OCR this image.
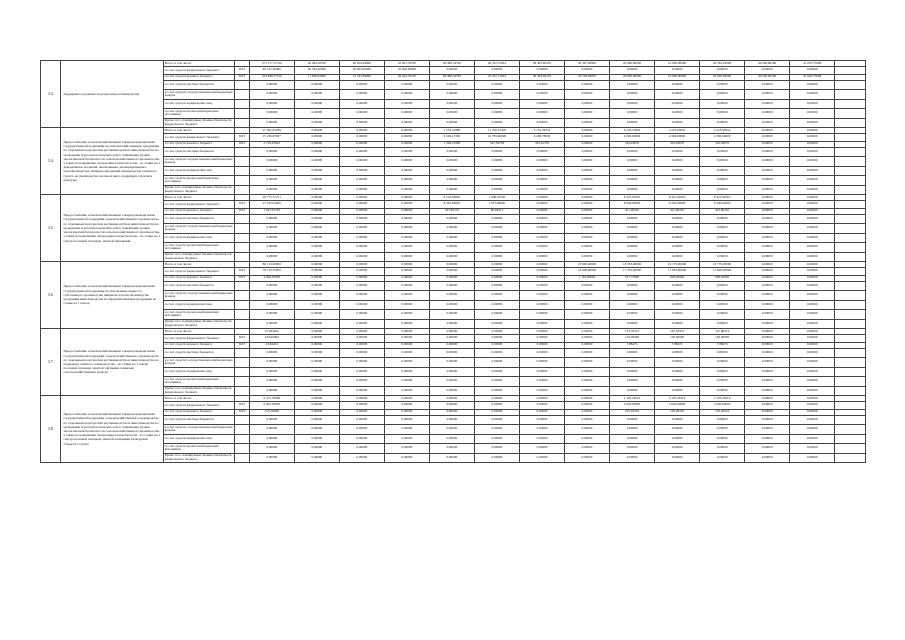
3.3.	Поддержка отдельных подотраслей растениеводства	Всего, в том числе:		371 377,17720	20 484,58700	40 816,49000	42 601,79700	28 386,34796	26 352,73901	28 463,60479	32 397,00820	20 000,00000	10 000,00000	20 562,20000	40 020,80160	41 670,75908	
		за счет средств федерального бюджета	БЛТ	85 512,20000	20 784,40000	30 834,00000	25 096,00000	0,00000	0,00000	0,00000	0,00000	0,00000	0,00000	0,00000	0,00000	0,00000	
		за счет средств краевого бюджета	БЛТ	254 488,77720	11 500,93000	13 335,86900	29 443,76100	28 386,34796	25 472,71901	30 463,60479	20 749,00870	20 000,00000	10 000,00000	20 000,00000	40 020,80160	41 620,75908	
		за счет средств местных бюджетов		0,00000	0,00000	0,00000	0,00000	0,00000	0,00000	0,00000	0,00000	0,00000	0,00000	0,00000	0,00000	0,00000	
		за счет средств государственных внебюджетных фондов		0,00000	0,00000	0,00000	0,00000	0,00000	0,00000	0,00000	0,00000	0,00000	0,00000	0,00000	0,00000	0,00000	
		за счет средств юридических лиц		0,00000	0,00000	0,00000	0,00000	0,00000	0,00000	0,00000	0,00000	0,00000	0,00000	0,00000	0,00000	0,00000	
		за счет средств прочих внебюджетных источников		0,00000	0,00000	0,00000	0,00000	0,00000	0,00000	0,00000	0,00000	0,00000	0,00000	0,00000	0,00000	0,00000	
		Кроме того, планируемые объемы обязательств федерального бюджета		0,00000	0,00000	0,00000	0,00000	0,00000	0,00000	0,00000	0,00000	0,00000	0,00000	0,00000	0,00000	0,00000	
3.4.	Предоставление сельскохозяйственным товаропроизводителям государственной поддержки на сельскохозяйственную продукцию по отдельным подотраслям растениеводства и животноводства на проведение агротехнологических работ, повышение уровня экологической безопасности сельскохозяйственного производства, а также на повышение плодородия и качества почв - по ставке на 1 декоративное посевной, апельсинные, мелиорированных, картофелеводства, минералопродукций овощеводства открытого грунта, на производство молока и мяса, поддержку отрасли и культуры	Всего, в том числе:		27 965,65789	0,00000	0,00000	0,00000	7 518,31890	11 350,61358	6 752,39379	0,00000	4 250,25662	4 216,93652	4 216,93652	0,00000	0,00000	
		за счет средств федерального бюджета	БЛТ	25 236,67907	0,00000	0,00000	0,00000	6 109,15383	10 783,06600	6 298,78000	0,00000	4 000,00000	4 300,00000	4 300,00000	0,00000	0,00000	
		за счет средств краевого бюджета	БЛТ	2 729,05822	0,00000	0,00000	0,00000	1 309,16380	567,54758	355,61379	0,00000	316,93670	316,93670	316,93670	0,00000	0,00000	
		за счет средств местных бюджетов		0,00000	0,00000	0,00000	0,00000	0,00000	0,00000	0,00000	0,00000	0,00000	0,00000	0,00000	0,00000	0,00000	
		за счет средств государственных внебюджетных фондов		0,00000	0,00000	0,00000	0,00000	0,00000	0,00000	0,00000	0,00000	0,00000	0,00000	0,00000	0,00000	0,00000	
		за счет средств юридических лиц		0,00000	0,00000	0,00000	0,00000	0,00000	0,00000	0,00000	0,00000	0,00000	0,00000	0,00000	0,00000	0,00000	
		за счет средств прочих внебюджетных источников		0,00000	0,00000	0,00000	0,00000	0,00000	0,00000	0,00000	0,00000	0,00000	0,00000	0,00000	0,00000	0,00000	
		Кроме того, планируемые объемы обязательств федерального бюджета		0,00000	0,00000	0,00000	0,00000	0,00000	0,00000	0,00000	0,00000	0,00000	0,00000	0,00000	0,00000	0,00000	
3.5.	Предоставление сельскохозяйственным товаропроизводителям государственной поддержки сельскохозяйственного производства по отдельным подотраслям растениеводства и животноводства на проведение агротехнологических работ, повышение уровня экологической безопасности сельскохозяйственного производства, а также на повышение плодородия и качества почв - по ставке на 1 гектар посевной площади, занятой зерновыми	Всего, в том числе:		28 775,37271	0,00000	0,00000	0,00000	8 143,39802	1 999,50320	0,00000	0,00000	8 421,09265	8 421,09265	8 421,09265	0,00000	0,00000	
		за счет средств федерального бюджета	БЛТ	27 165,03060	0,00000	0,00000	0,00000	8 265,86863	1 877,86000	0,00000	0,00000	8 000,00000	8 300,00000	8 300,00000	0,00000	0,00000	
		за счет средств краевого бюджета	БЛТ	1 647,97185	0,00000	0,00000	0,00000	237,80579	96,62013	0,00000	0,00000	421,09265	421,09265	421,09265	0,00000	0,00000	
		за счет средств местных бюджетов		0,00000	0,00000	0,00000	0,00000	0,00000	0,00000	0,00000	0,00000	0,00000	0,00000	0,00000	0,00000	0,00000	
		за счет средств государственных внебюджетных фондов		0,00000	0,00000	0,00000	0,00000	0,00000	0,00000	0,00000	0,00000	0,00000	0,00000	0,00000	0,00000	0,00000	
		за счет средств юридических лиц		0,00000	0,00000	0,00000	0,00000	0,00000	0,00000	0,00000	0,00000	0,00000	0,00000	0,00000	0,00000	0,00000	
		за счет средств прочих внебюджетных источников		0,00000	0,00000	0,00000	0,00000	0,00000	0,00000	0,00000	0,00000	0,00000	0,00000	0,00000	0,00000	0,00000	
		Кроме того, планируемые объемы обязательств федерального бюджета		0,00000	0,00000	0,00000	0,00000	0,00000	0,00000	0,00000	0,00000	0,00000	0,00000	0,00000	0,00000	0,00000	
3.6.	Предоставление сельскохозяйственным товаропроизводителям государственной поддержки на обеспечение прироста собственного производства пищевой отрасли производства продукции животноводства из перерабатываемых продукции по ставке на 1 гектар	Всего, в том числе:		80 133,00000	0,00000	0,00000	0,00000	0,00000	0,00000	0,00000	23 800,00000	18 353,00000	19 179,00000	18 779,00000	0,00000	0,00000	
		за счет средств федерального бюджета	БЛТ	76 126,35000	0,00000	0,00000	0,00000	0,00000	0,00000	0,00000	22 609,00000	17 435,20000	17 843,00000	17 840,00000	0,00000	0,00000	
		за счет средств краевого бюджета	БЛТ	4 006,65000	0,00000	0,00000	0,00000	0,00000	0,00000	0,00000	1 191,00000	917,75000	958,95000	938,95000	0,00000	0,00000	
		за счет средств местных бюджетов		0,00000	0,00000	0,00000	0,00000	0,00000	0,00000	0,00000	0,00000	0,00000	0,00000	0,00000	0,00000	0,00000	
		за счет средств государственных внебюджетных фондов		0,00000	0,00000	0,00000	0,00000	0,00000	0,00000	0,00000	0,00000	0,00000	0,00000	0,00000	0,00000	0,00000	
		за счет средств юридических лиц		0,00000	0,00000	0,00000	0,00000	0,00000	0,00000	0,00000	0,00000	0,00000	0,00000	0,00000	0,00000	0,00000	
		за счет средств прочих внебюджетных источников		0,00000	0,00000	0,00000	0,00000	0,00000	0,00000	0,00000	0,00000	0,00000	0,00000	0,00000	0,00000	0,00000	
		Кроме того, планируемые объемы обязательств федерального бюджета		0,00000	0,00000	0,00000	0,00000	0,00000	0,00000	0,00000	0,00000	0,00000	0,00000	0,00000	0,00000	0,00000	
3.7.	Предоставление сельскохозяйственным товаропроизводителям государственной поддержки сельскохозяйственного производства по отдельным подотраслям растениеводства и животноводства на поддержку элитного семеноводства - по ставке на 1 гектар посевной площади, занятой элитными семенами сельскохозяйственных культур	Всего, в том числе:		473,84432	0,00000	0,00000	0,00000	0,00000	0,00000	0,00000	0,00000	153,78474	163,78474	197,88474	0,00000	0,00000	
		за счет средств федерального бюджета	БЛТ	450,00000	0,00000	0,00000	0,00000	0,00000	0,00000	0,00000	0,00000	150,00000	150,00000	150,00000	0,00000	0,00000	
		за счет средств краевого бюджета	БЛТ	23,84432	0,00000	0,00000	0,00000	0,00000	0,00000	0,00000	0,00000	7,88474	7,88474	7,88474	0,00000	0,00000	
		за счет средств местных бюджетов		0,00000	0,00000	0,00000	0,00000	0,00000	0,00000	0,00000	0,00000	0,00000	0,00000	0,00000	0,00000	0,00000	
		за счет средств государственных внебюджетных фондов		0,00000	0,00000	0,00000	0,00000	0,00000	0,00000	0,00000	0,00000	0,00000	0,00000	0,00000	0,00000	0,00000	
		за счет средств юридических лиц		0,00000	0,00000	0,00000	0,00000	0,00000	0,00000	0,00000	0,00000	0,00000	0,00000	0,00000	0,00000	0,00000	
		за счет средств прочих внебюджетных источников		0,00000	0,00000	0,00000	0,00000	0,00000	0,00000	0,00000	0,00000	0,00000	0,00000	0,00000	0,00000	0,00000	
		Кроме того, планируемые объемы обязательств федерального бюджета		0,00000	0,00000	0,00000	0,00000	0,00000	0,00000	0,00000	0,00000	0,00000	0,00000	0,00000	0,00000	0,00000	
3.8.	Предоставление сельскохозяйственным товаропроизводителям государственной поддержки сельскохозяйственного производства по отдельным подотраслям растениеводства и животноводства на проведение агротехнологических работ, повышение уровня экологической безопасности сельскохозяйственного производства, а также на повышение плодородия и качества почв - по ставке на 1 гектар посевной площади, занятой овощными культурами открытого грунта	Всего, в том числе:		6 315,78948	0,00000	0,00000	0,00000	0,00000	0,00000	0,00000	0,00000	2 105,26316	2 105,26316	2 105,26316	0,00000	0,00000	
		за счет средств федерального бюджета	БЛТ	6 000,00000	0,00000	0,00000	0,00000	0,00000	0,00000	0,00000	0,00000	2 000,00000	2 000,00000	2 000,00000	0,00000	0,00000	
		за счет средств краевого бюджета	БЛТ	315,78948	0,00000	0,00000	0,00000	0,00000	0,00000	0,00000	0,00000	105,26316	105,26316	105,26316	0,00000	0,00000	
		за счет средств местных бюджетов		0,00000	0,00000	0,00000	0,00000	0,00000	0,00000	0,00000	0,00000	0,00000	0,00000	0,00000	0,00000	0,00000	
		за счет средств государственных внебюджетных фондов		0,00000	0,00000	0,00000	0,00000	0,00000	0,00000	0,00000	0,00000	0,00000	0,00000	0,00000	0,00000	0,00000	
		за счет средств юридических лиц		0,00000	0,00000	0,00000	0,00000	0,00000	0,00000	0,00000	0,00000	0,00000	0,00000	0,00000	0,00000	0,00000	
		за счет средств прочих внебюджетных источников		0,00000	0,00000	0,00000	0,00000	0,00000	0,00000	0,00000	0,00000	0,00000	0,00000	0,00000	0,00000	0,00000	
		Кроме того, планируемые объемы обязательств федерального бюджета		0,00000	0,00000	0,00000	0,00000	0,00000	0,00000	0,00000	0,00000	0,00000	0,00000	0,00000	0,00000	0,00000	
